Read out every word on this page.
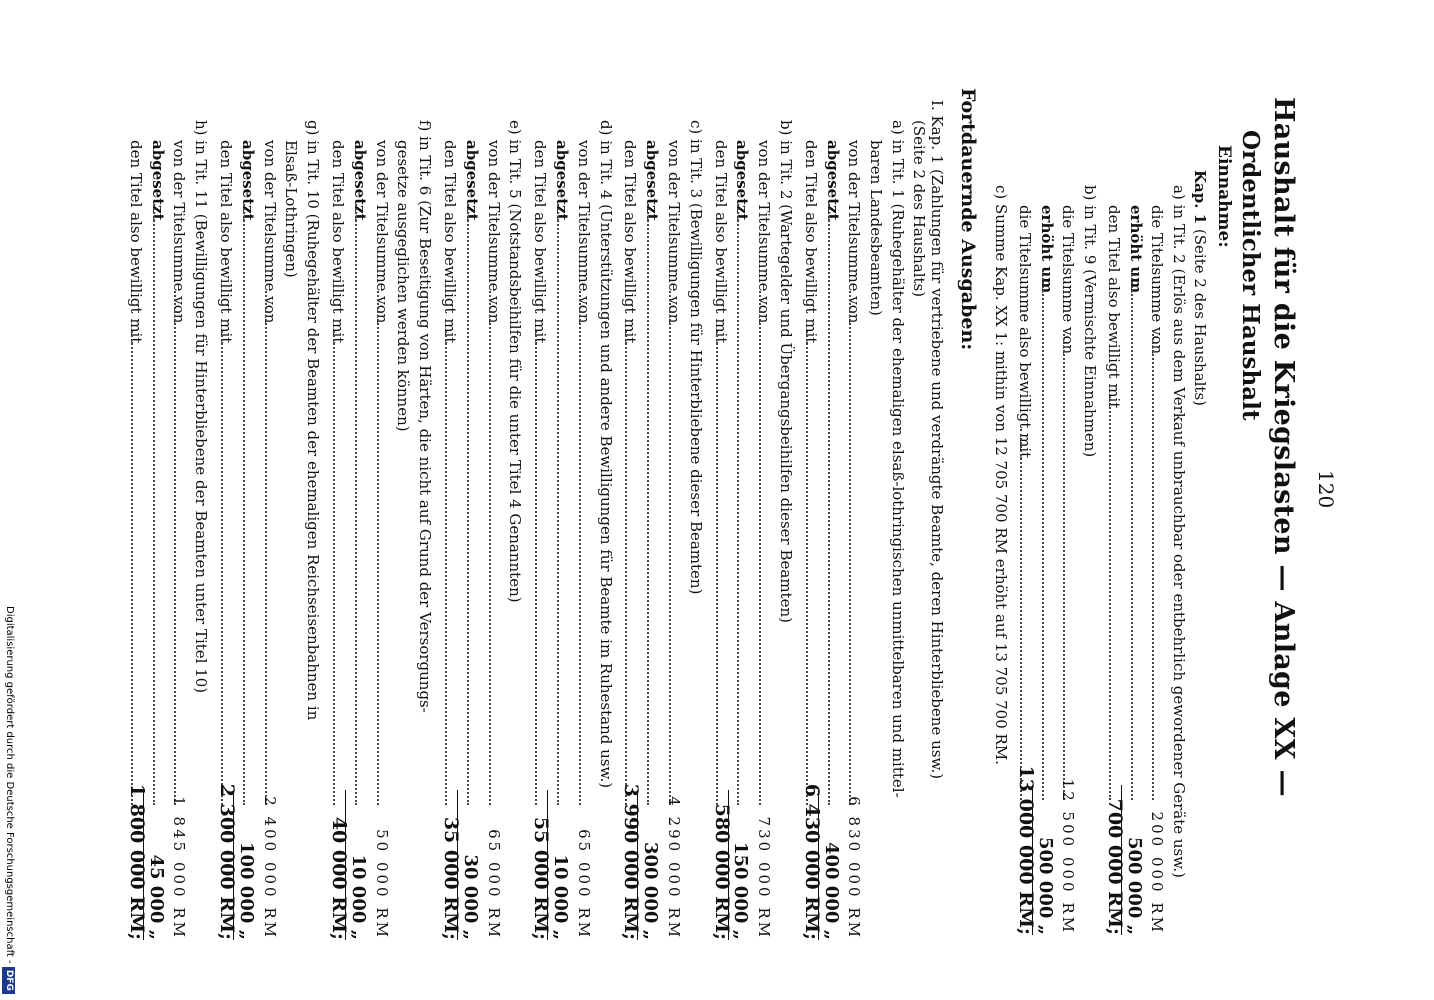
120
Haushalt für die Kriegslasten — Anlage XX —
Ordentlicher Haushalt
Einnahme:
Kap. 1 (Seite 2 des Haushalts)
a) in Tit. 2 (Erlös aus dem Verkauf unbrauchbar oder entbehrlich gewordener Geräte usw.)
die Titelsumme von
200 000 RM
erhöht um
500 000 „
den Titel also bewilligt mit
700 000 RM;
b) in Tit. 9 (Vermischte Einnahmen)
die Titelsumme von
12 500 000 RM
erhöht um
500 000 „
die Titelsumme also bewilligt mit
13 000 000 RM;
c) Summe Kap. XX 1: mithin von 12 705 700 RM erhöht auf 13 705 700 RM.
Fortdauernde Ausgaben:
I. Kap. 1 (Zahlungen für vertriebene und verdrängte Beamte, deren Hinterbliebene usw.)
(Seite 2 des Haushalts)
a) in Tit. 1 (Ruhegehälter der ehemaligen elsaß-lothringischen unmittelbaren und mittel-
baren Landesbeamten)
von der Titelsumme von
6 830 000 RM
abgesetzt
400 000 „
den Titel also bewilligt mit
6 430 000 RM;
b) in Tit. 2 (Wartegelder und Übergangsbeihilfen dieser Beamten)
von der Titelsumme von
730 000 RM
abgesetzt
150 000 „
den Titel also bewilligt mit
580 000 RM;
c) in Tit. 3 (Bewilligungen für Hinterbliebene dieser Beamten)
von der Titelsumme von
4 290 000 RM
abgesetzt
300 000 „
den Titel also bewilligt mit
3 990 000 RM;
d) in Tit. 4 (Unterstützungen und andere Bewilligungen für Beamte im Ruhestand usw.)
von der Titelsumme von
65 000 RM
abgesetzt
10 000 „
den Titel also bewilligt mit
55 000 RM;
e) in Tit. 5 (Notstandsbeihilfen für die unter Titel 4 Genannten)
von der Titelsumme von
65 000 RM
abgesetzt
30 000 „
den Titel also bewilligt mit
35 000 RM;
f) in Tit. 6 (Zur Beseitigung von Härten, die nicht auf Grund der Versorgungs-
gesetze ausgeglichen werden können)
von der Titelsumme von
50 000 RM
abgesetzt
10 000 „
den Titel also bewilligt mit
40 000 RM;
g) in Tit. 10 (Ruhegehälter der Beamten der ehemaligen Reichseisenbahnen in
Elsaß-Lothringen)
von der Titelsumme von
2 400 000 RM
abgesetzt
100 000 „
den Titel also bewilligt mit
2 300 000 RM;
h) in Tit. 11 (Bewilligungen für Hinterbliebene der Beamten unter Titel 10)
von der Titelsumme von
1 845 000 RM
abgesetzt
45 000 „
den Titel also bewilligt mit
1 800 000 RM;
Digitalisierung gefördert durch die Deutsche Forschungsgemeinschaft - DFG
